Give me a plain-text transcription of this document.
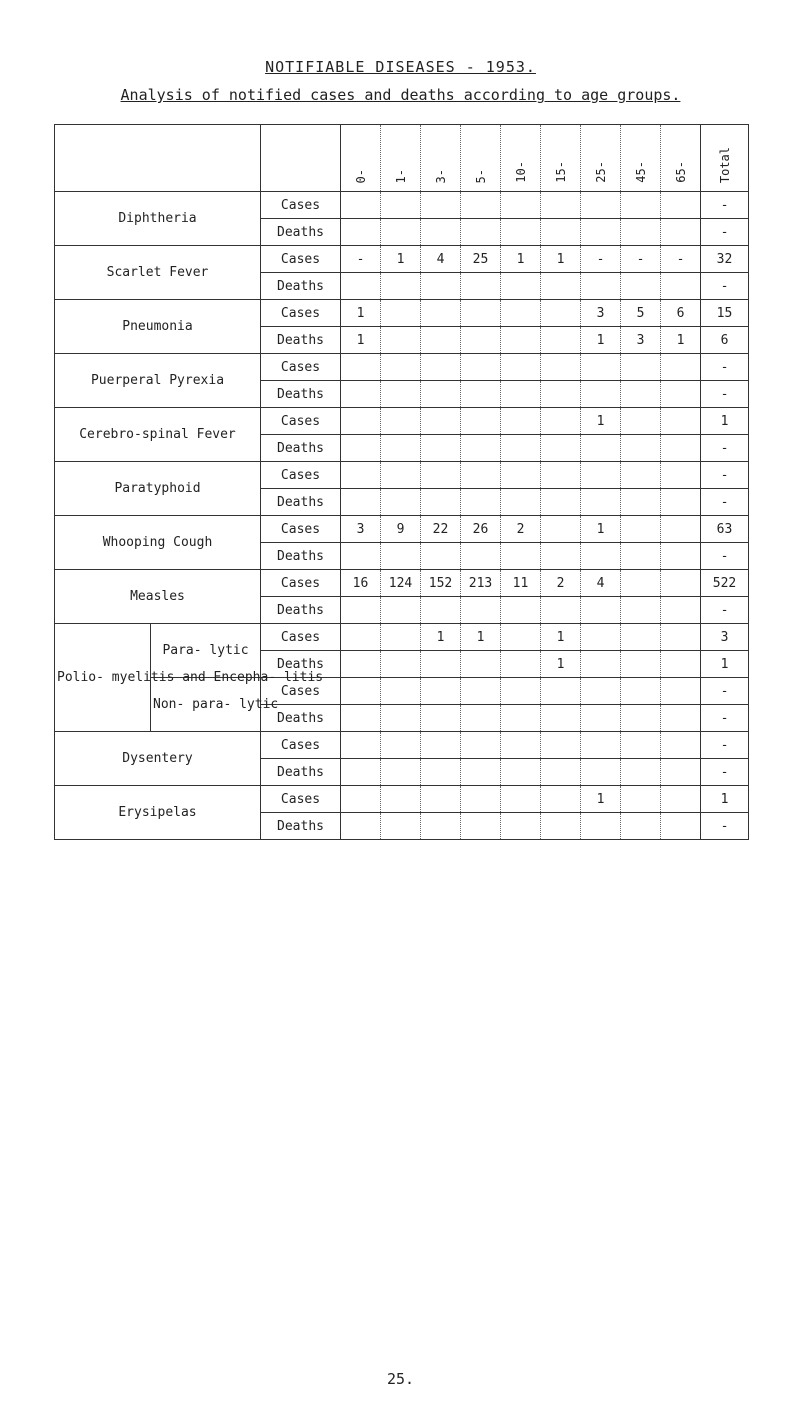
NOTIFIABLE DISEASES - 1953.
Analysis of notified cases and deaths according to age groups.
			0-	1-	3-	5-	10-	15-	25-	45-	65-	Total
Diphtheria		Cases										-
		Deaths										-
Scarlet Fever		Cases	-	1	4	25	1	1	-	-	-	32
		Deaths										-
Pneumonia		Cases	1						3	5	6	15
		Deaths	1						1	3	1	6
Puerperal Pyrexia		Cases										-
		Deaths										-
Cerebro-spinal Fever		Cases							1			1
		Deaths										-
Paratyphoid		Cases										-
		Deaths										-
Whooping Cough		Cases	3	9	22	26	2		1			63
		Deaths										-
Measles		Cases	16	124	152	213	11	2	4			522
		Deaths										-
Polio- myelitis and Encepha- litis	Para- lytic	Cases			1	1		1				3
		Deaths						1				1
	Non- para- lytic	Cases										-
		Deaths										-
Dysentery		Cases										-
		Deaths										-
Erysipelas		Cases							1			1
		Deaths										-
25.
